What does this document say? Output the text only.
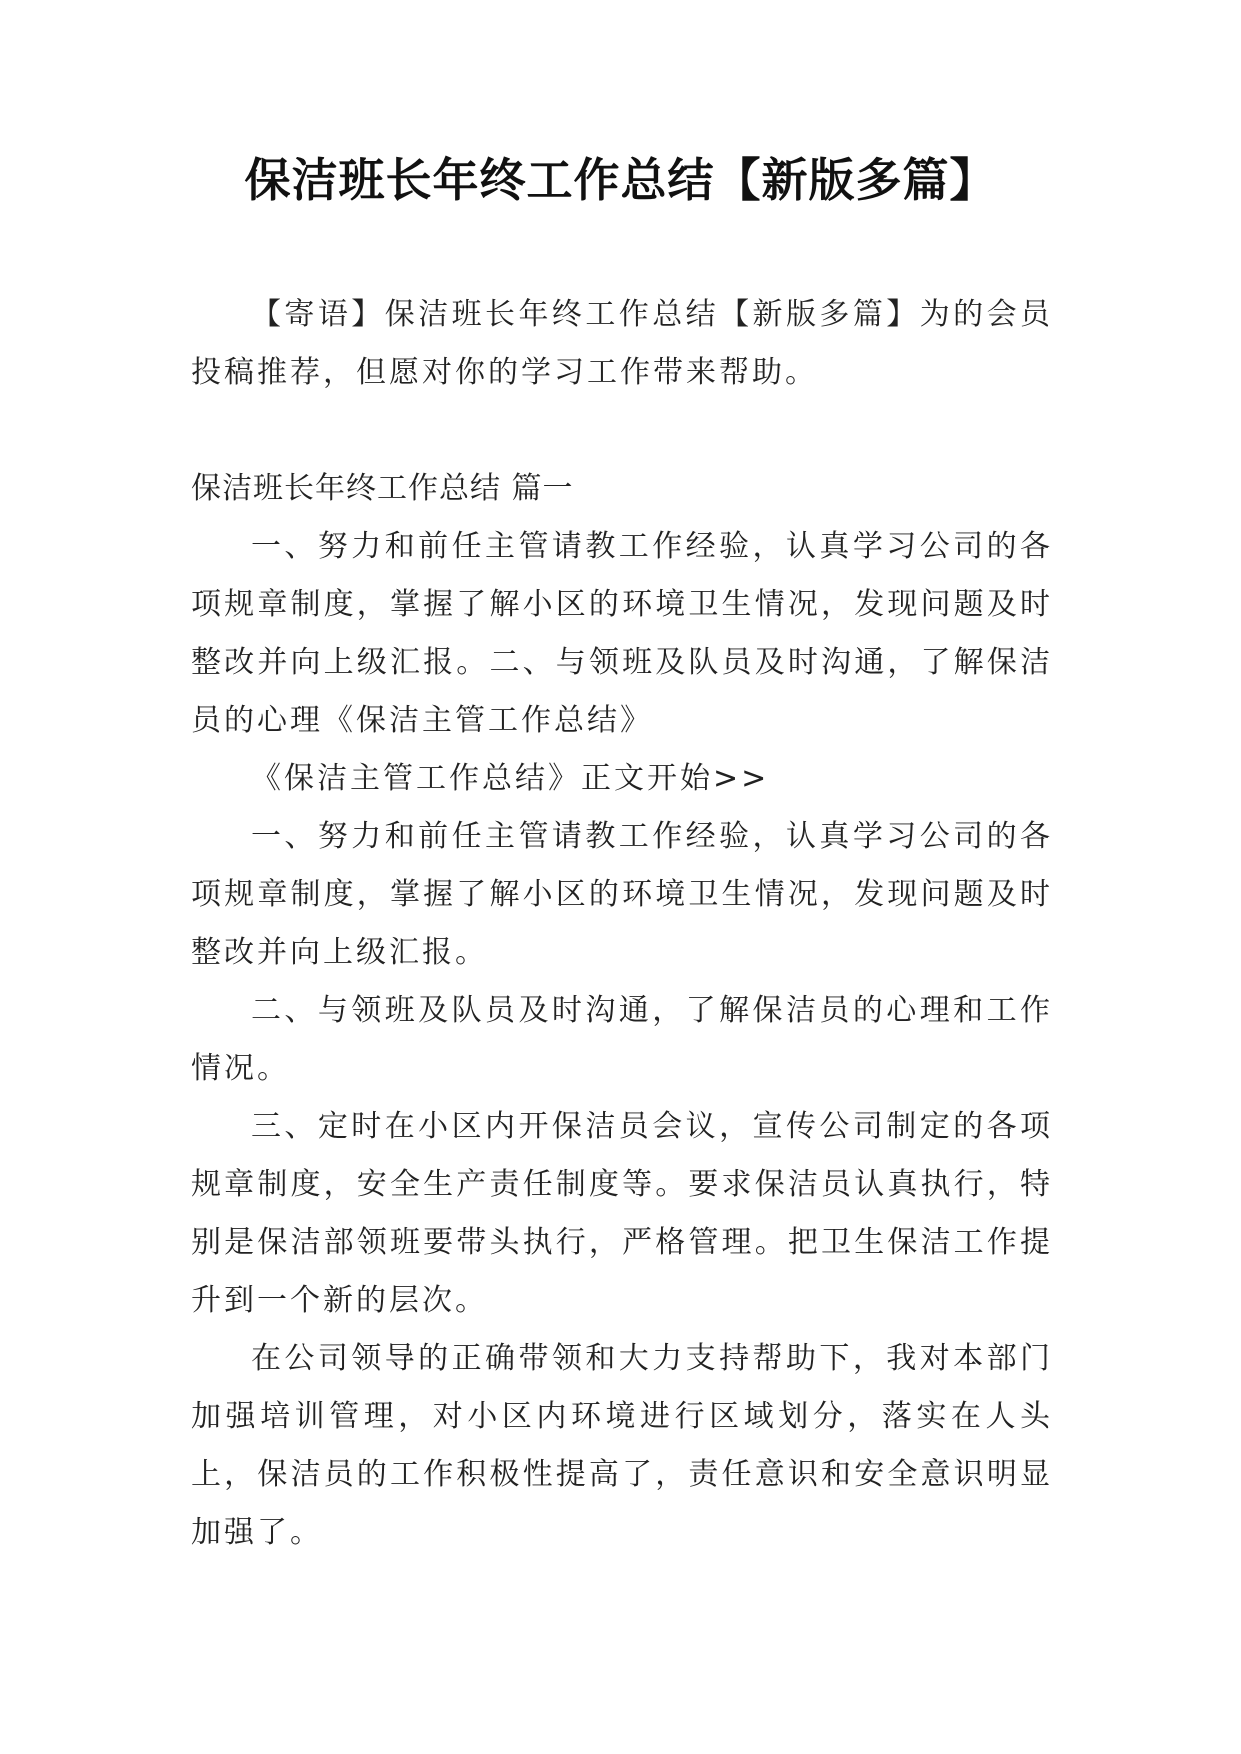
保洁班长年终工作总结【新版多篇】

【寄语】保洁班长年终工作总结【新版多篇】为的会员投稿推荐，但愿对你的学习工作带来帮助。

保洁班长年终工作总结 篇一

一、努力和前任主管请教工作经验，认真学习公司的各项规章制度，掌握了解小区的环境卫生情况，发现问题及时整改并向上级汇报。二、与领班及队员及时沟通，了解保洁员的心理《保洁主管工作总结》

《保洁主管工作总结》正文开始>>

一、努力和前任主管请教工作经验，认真学习公司的各项规章制度，掌握了解小区的环境卫生情况，发现问题及时整改并向上级汇报。

二、与领班及队员及时沟通，了解保洁员的心理和工作情况。

三、定时在小区内开保洁员会议，宣传公司制定的各项规章制度，安全生产责任制度等。要求保洁员认真执行，特别是保洁部领班要带头执行，严格管理。把卫生保洁工作提升到一个新的层次。

在公司领导的正确带领和大力支持帮助下，我对本部门加强培训管理，对小区内环境进行区域划分，落实在人头上，保洁员的工作积极性提高了，责任意识和安全意识明显加强了。
